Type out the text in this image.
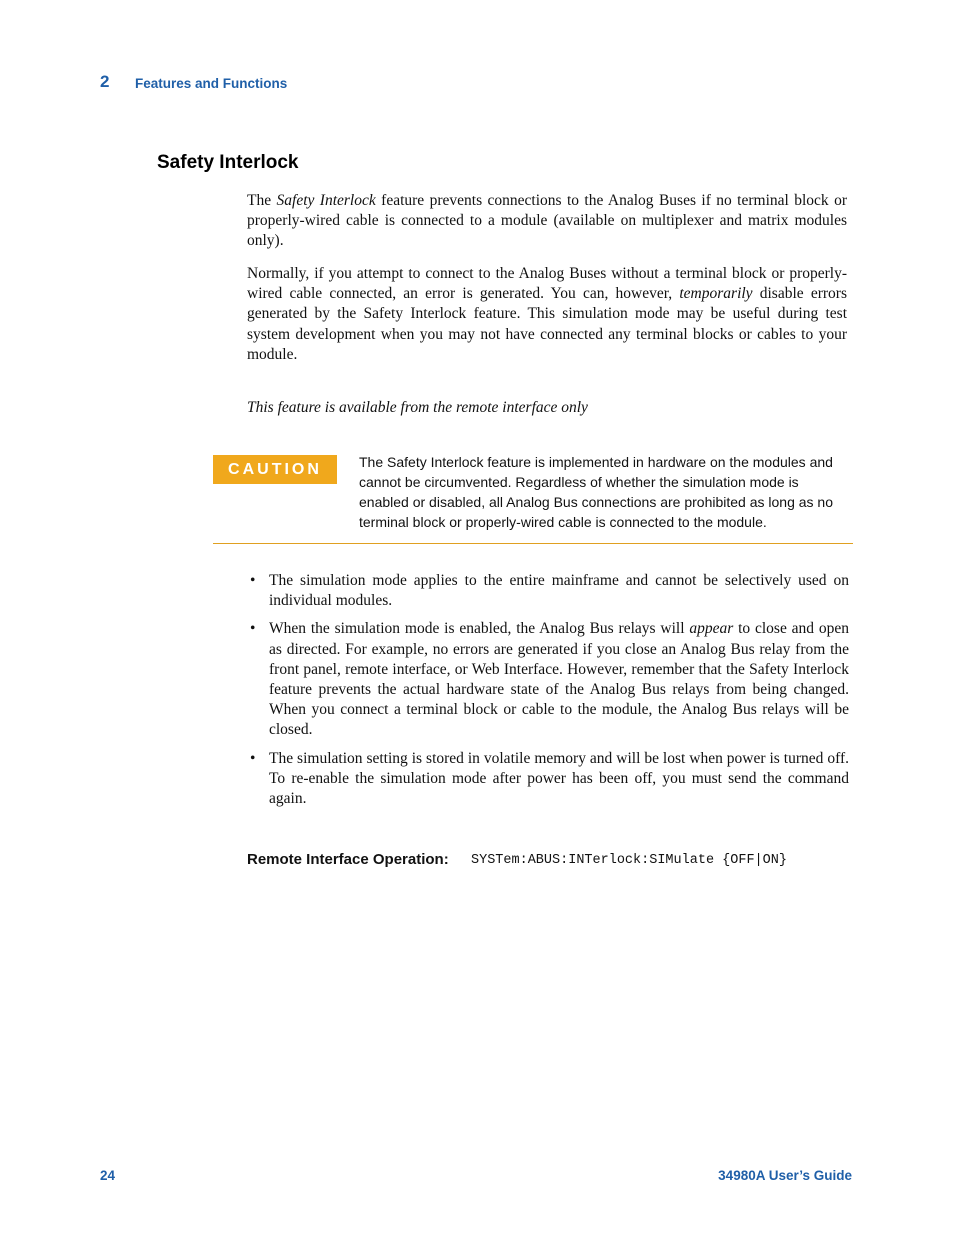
2 Features and Functions
Safety Interlock

The Safety Interlock feature prevents connections to the Analog Buses if no terminal block or properly-wired cable is connected to a module (available on multiplexer and matrix modules only).

Normally, if you attempt to connect to the Analog Buses without a terminal block or properly-wired cable connected, an error is generated. You can, however, temporarily disable errors generated by the Safety Interlock feature. This simulation mode may be useful during test system development when you may not have connected any terminal blocks or cables to your module.

This feature is available from the remote interface only

CAUTION	The Safety Interlock feature is implemented in hardware on the modules and cannot be circumvented. Regardless of whether the simulation mode is enabled or disabled, all Analog Bus connections are prohibited as long as no terminal block or properly-wired cable is connected to the module.
• The simulation mode applies to the entire mainframe and cannot be selectively used on individual modules.
• When the simulation mode is enabled, the Analog Bus relays will appear to close and open as directed. For example, no errors are generated if you close an Analog Bus relay from the front panel, remote interface, or Web Interface. However, remember that the Safety Interlock feature prevents the actual hardware state of the Analog Bus relays from being changed. When you connect a terminal block or cable to the module, the Analog Bus relays will be closed.
• The simulation setting is stored in volatile memory and will be lost when power is turned off. To re-enable the simulation mode after power has been off, you must send the command again.
Remote Interface Operation: SYSTem:ABUS:INTerlock:SIMulate {OFF|ON}
24	34980A User’s Guide
